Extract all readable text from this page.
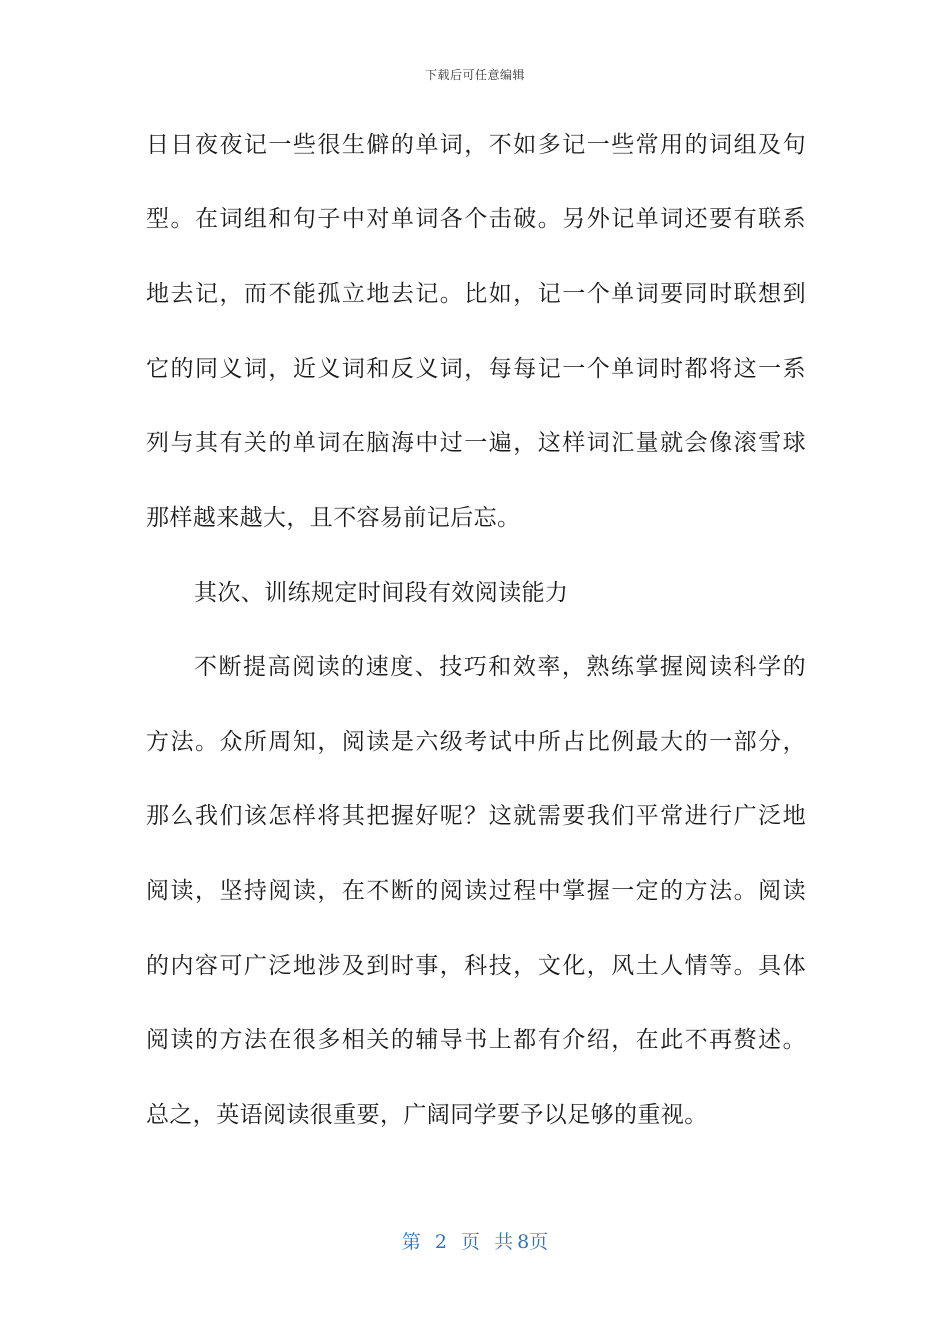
下载后可任意编辑
日日夜夜记一些很生僻的单词，不如多记一些常用的词组及句
型。在词组和句子中对单词各个击破。另外记单词还要有联系
地去记，而不能孤立地去记。比如，记一个单词要同时联想到
它的同义词，近义词和反义词，每每记一个单词时都将这一系
列与其有关的单词在脑海中过一遍，这样词汇量就会像滚雪球
那样越来越大，且不容易前记后忘。
其次、训练规定时间段有效阅读能力
不断提高阅读的速度、技巧和效率，熟练掌握阅读科学的
方法。众所周知，阅读是六级考试中所占比例最大的一部分，
那么我们该怎样将其把握好呢？这就需要我们平常进行广泛地
阅读，坚持阅读，在不断的阅读过程中掌握一定的方法。阅读
的内容可广泛地涉及到时事，科技，文化，风土人情等。具体
阅读的方法在很多相关的辅导书上都有介绍，在此不再赘述。
总之，英语阅读很重要，广阔同学要予以足够的重视。
第 2 页 共 8页
